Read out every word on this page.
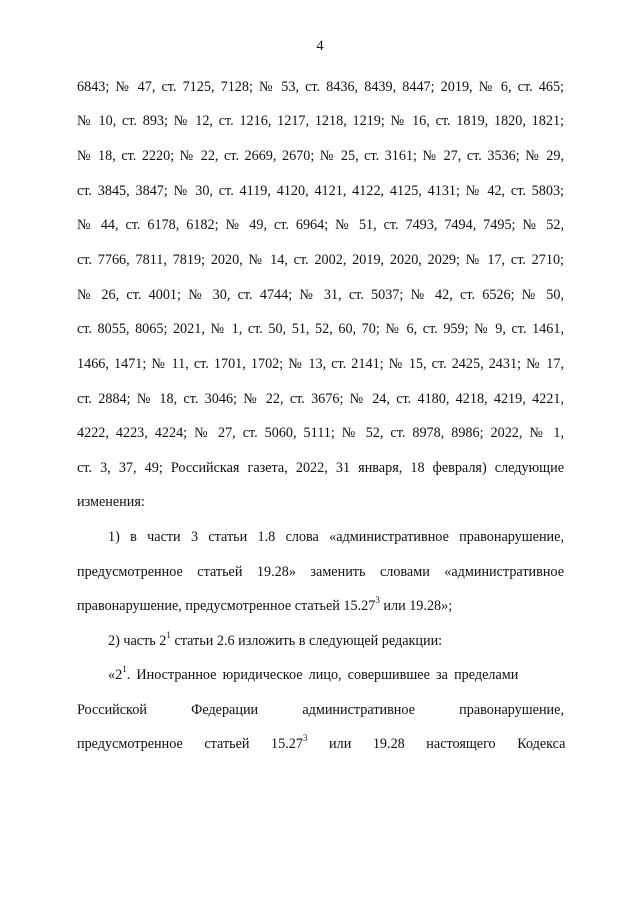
4
6843; № 47, ст. 7125, 7128; № 53, ст. 8436, 8439, 8447; 2019, № 6, ст. 465;
№ 10, ст. 893; № 12, ст. 1216, 1217, 1218, 1219; № 16, ст. 1819, 1820, 1821;
№ 18, ст. 2220; № 22, ст. 2669, 2670; № 25, ст. 3161; № 27, ст. 3536; № 29,
ст. 3845, 3847; № 30, ст. 4119, 4120, 4121, 4122, 4125, 4131; № 42, ст. 5803;
№ 44, ст. 6178, 6182; № 49, ст. 6964; № 51, ст. 7493, 7494, 7495; № 52,
ст. 7766, 7811, 7819; 2020, № 14, ст. 2002, 2019, 2020, 2029; № 17, ст. 2710;
№ 26, ст. 4001; № 30, ст. 4744; № 31, ст. 5037; № 42, ст. 6526; № 50,
ст. 8055, 8065; 2021, № 1, ст. 50, 51, 52, 60, 70; № 6, ст. 959; № 9, ст. 1461,
1466, 1471; № 11, ст. 1701, 1702; № 13, ст. 2141; № 15, ст. 2425, 2431; № 17,
ст. 2884; № 18, ст. 3046; № 22, ст. 3676; № 24, ст. 4180, 4218, 4219, 4221,
4222, 4223, 4224; № 27, ст. 5060, 5111; № 52, ст. 8978, 8986; 2022, № 1,
ст. 3, 37, 49; Российская газета, 2022, 31 января, 18 февраля) следующие
изменения:
1) в части 3 статьи 1.8 слова «административное правонарушение,
предусмотренное статьей 19.28» заменить словами «административное
правонарушение, предусмотренное статьей 15.27$^3$ или 19.28»;
2) часть $2^1$ статьи 2.6 изложить в следующей редакции:
«$2^1$. Иностранное юридическое лицо, совершившее за пределами
Российской Федерации административное правонарушение,
предусмотренное статьей 15.27$^3$ или 19.28 настоящего Кодекса
